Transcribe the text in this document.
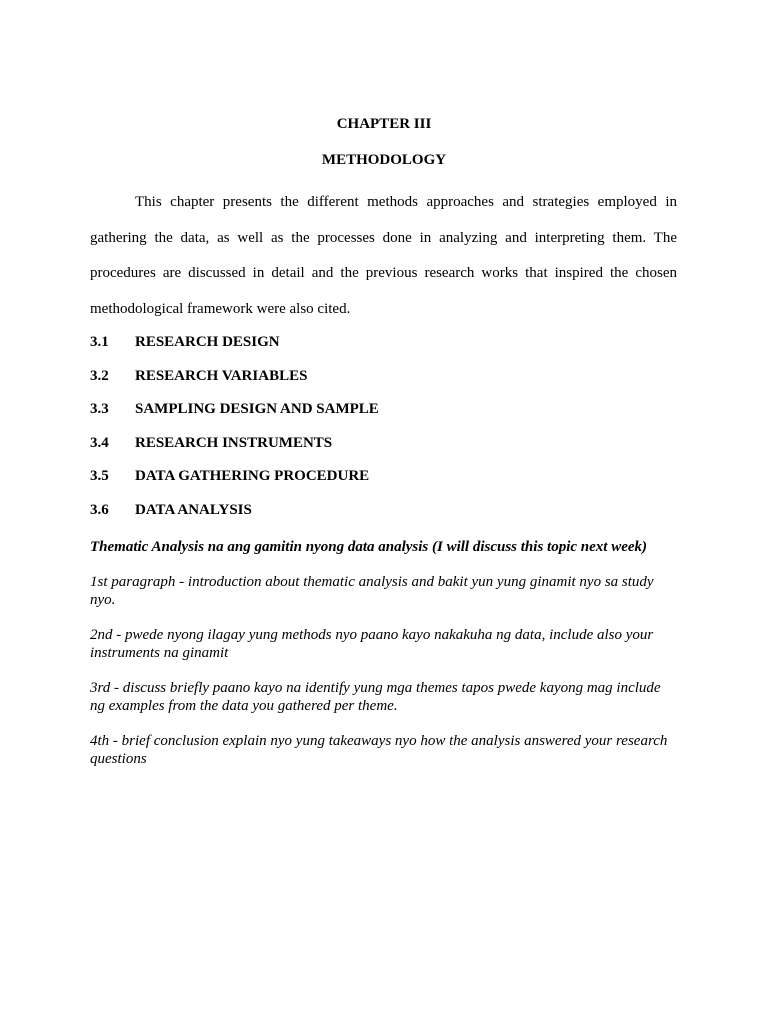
CHAPTER III
METHODOLOGY

This chapter presents the different methods approaches and strategies employed in gathering the data, as well as the processes done in analyzing and interpreting them. The procedures are discussed in detail and the previous research works that inspired the chosen methodological framework were also cited.

3.1 RESEARCH DESIGN
3.2 RESEARCH VARIABLES
3.3 SAMPLING DESIGN AND SAMPLE
3.4 RESEARCH INSTRUMENTS
3.5 DATA GATHERING PROCEDURE
3.6 DATA ANALYSIS

Thematic Analysis na ang gamitin nyong data analysis (I will discuss this topic next week)

1st paragraph - introduction about thematic analysis and bakit yun yung ginamit nyo sa study nyo.

2nd - pwede nyong ilagay yung methods nyo paano kayo nakakuha ng data, include also your instruments na ginamit

3rd - discuss briefly paano kayo na identify yung mga themes tapos pwede kayong mag include ng examples from the data you gathered per theme.

4th - brief conclusion explain nyo yung takeaways nyo how the analysis answered your research questions
